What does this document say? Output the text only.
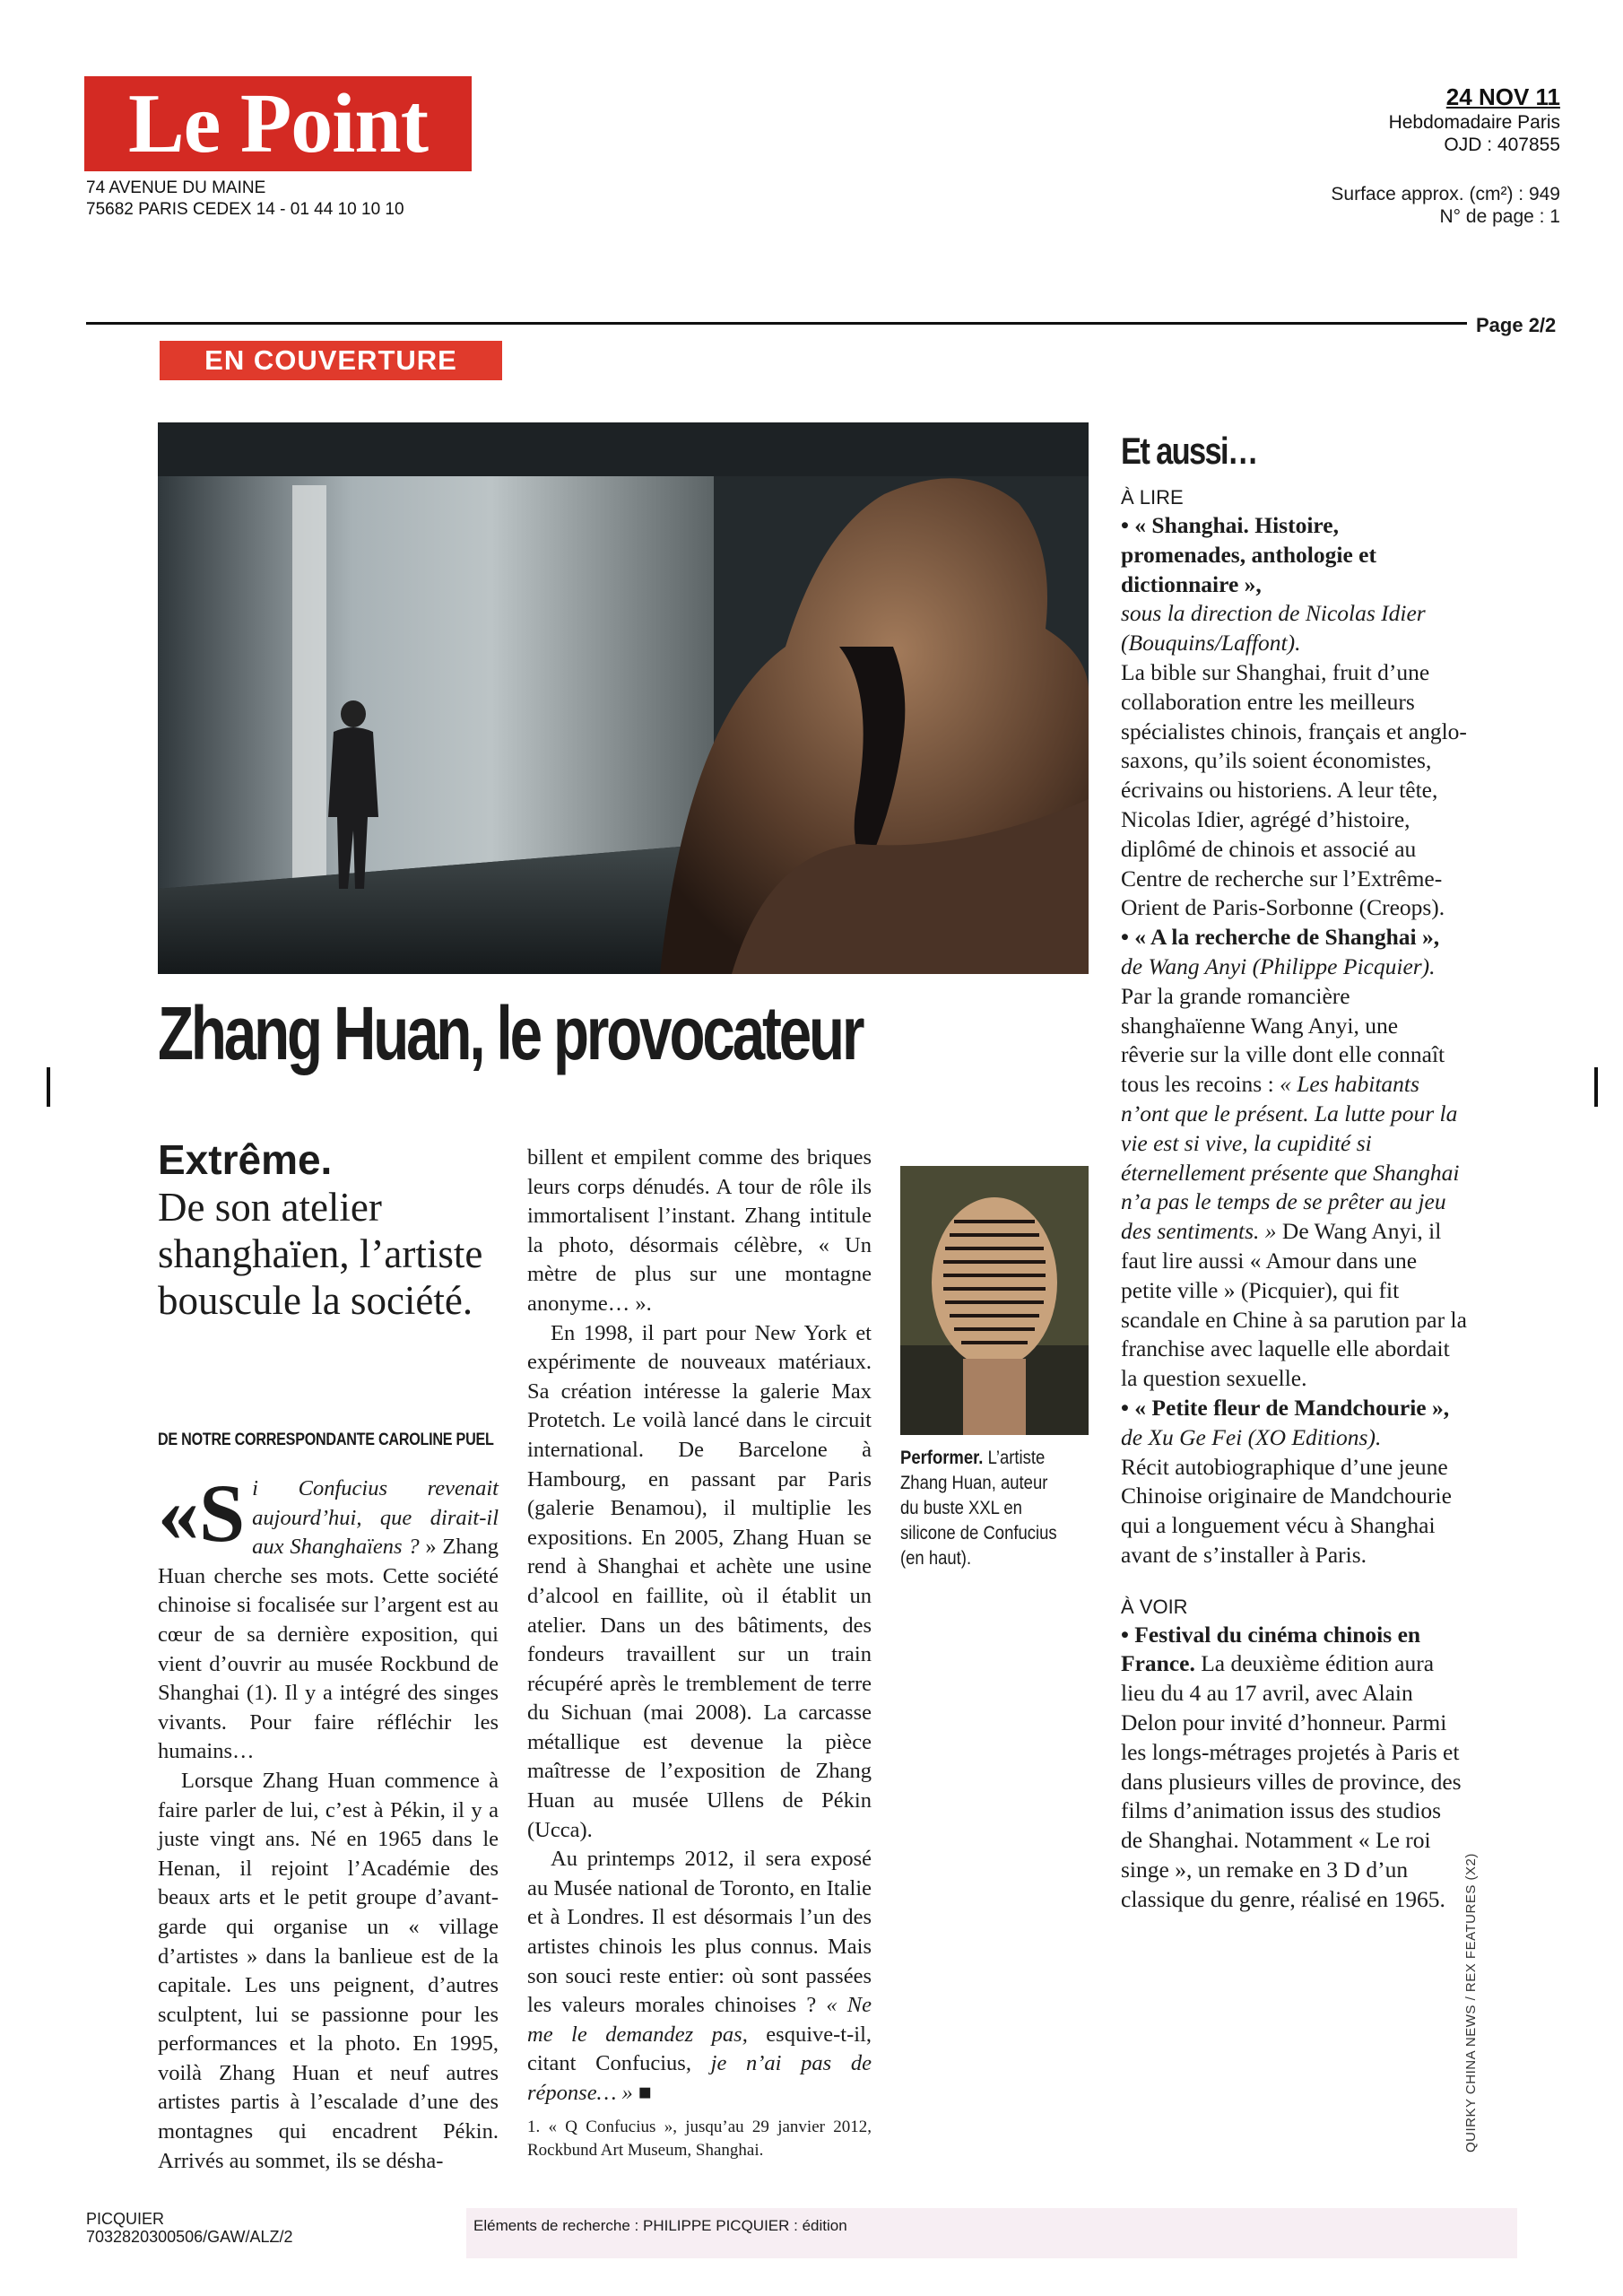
Le Point
74 AVENUE DU MAINE
75682 PARIS CEDEX 14 - 01 44 10 10 10
24 NOV 11
Hebdomadaire Paris
OJD : 407855
Surface approx. (cm²) : 949
N° de page : 1
Page 2/2
EN COUVERTURE
Zhang Huan, le provocateur
Extrême.
De son atelier shanghaïen, l’artiste bouscule la société.
DE NOTRE CORRESPONDANTE CAROLINE PUEL

«Si Confucius revenait aujourd’hui, que dirait-il aux Shanghaïens ? » Zhang Huan cherche ses mots. Cette société chinoise si focalisée sur l’argent est au cœur de sa dernière exposition, qui vient d’ouvrir au musée Rockbund de Shanghai (1). Il y a intégré des singes vivants. Pour faire réfléchir les humains…

Lorsque Zhang Huan commence à faire parler de lui, c’est à Pékin, il y a juste vingt ans. Né en 1965 dans le Henan, il rejoint l’Académie des beaux arts et le petit groupe d’avant-garde qui organise un « village d’artistes » dans la banlieue est de la capitale. Les uns peignent, d’autres sculptent, lui se passionne pour les performances et la photo. En 1995, voilà Zhang Huan et neuf autres artistes partis à l’escalade d’une des montagnes qui encadrent Pékin. Arrivés au sommet, ils se désha-

billent et empilent comme des briques leurs corps dénudés. A tour de rôle ils immortalisent l’instant. Zhang intitule la photo, désormais célèbre, « Un mètre de plus sur une montagne anonyme… ».

En 1998, il part pour New York et expérimente de nouveaux matériaux. Sa création intéresse la galerie Max Protetch. Le voilà lancé dans le circuit international. De Barcelone à Hambourg, en passant par Paris (galerie Benamou), il multiplie les expositions. En 2005, Zhang Huan se rend à Shanghai et achète une usine d’alcool en faillite, où il établit un atelier. Dans un des bâtiments, des fondeurs travaillent sur un train récupéré après le tremblement de terre du Sichuan (mai 2008). La carcasse métallique est devenue la pièce maîtresse de l’exposition de Zhang Huan au musée Ullens de Pékin (Ucca).

Au printemps 2012, il sera exposé au Musée national de Toronto, en Italie et à Londres. Il est désormais l’un des artistes chinois les plus connus. Mais son souci reste entier: où sont passées les valeurs morales chinoises ? « Ne me le demandez pas, esquive-t-il, citant Confucius, je n’ai pas de réponse… » ■

1. « Q Confucius », jusqu’au 29 janvier 2012, Rockbund Art Museum, Shanghai.
Performer. L’artiste Zhang Huan, auteur du buste XXL en silicone de Confucius (en haut).
Et aussi…
À LIRE
• « Shanghai. Histoire, promenades, anthologie et dictionnaire »,
sous la direction de Nicolas Idier (Bouquins/Laffont).
La bible sur Shanghai, fruit d’une collaboration entre les meilleurs spécialistes chinois, français et anglo-saxons, qu’ils soient économistes, écrivains ou historiens. A leur tête, Nicolas Idier, agrégé d’histoire, diplômé de chinois et associé au Centre de recherche sur l’Extrême-Orient de Paris-Sorbonne (Creops).
• « A la recherche de Shanghai »,
de Wang Anyi (Philippe Picquier).
Par la grande romancière shanghaïenne Wang Anyi, une rêverie sur la ville dont elle connaît tous les recoins : « Les habitants n’ont que le présent. La lutte pour la vie est si vive, la cupidité si éternellement présente que Shanghai n’a pas le temps de se prêter au jeu des sentiments. » De Wang Anyi, il faut lire aussi « Amour dans une petite ville » (Picquier), qui fit scandale en Chine à sa parution par la franchise avec laquelle elle abordait la question sexuelle.
• « Petite fleur de Mandchourie »,
de Xu Ge Fei (XO Editions).
Récit autobiographique d’une jeune Chinoise originaire de Mandchourie qui a longuement vécu à Shanghai avant de s’installer à Paris.
À VOIR
• Festival du cinéma chinois en France. La deuxième édition aura lieu du 4 au 17 avril, avec Alain Delon pour invité d’honneur. Parmi les longs-métrages projetés à Paris et dans plusieurs villes de province, des films d’animation issus des studios de Shanghai. Notamment « Le roi singe », un remake en 3 D d’un classique du genre, réalisé en 1965.	QUIRKY CHINA NEWS / REX FEATURES (X2)
PICQUIER
7032820300506/GAW/ALZ/2
Eléments de recherche : PHILIPPE PICQUIER : édition
